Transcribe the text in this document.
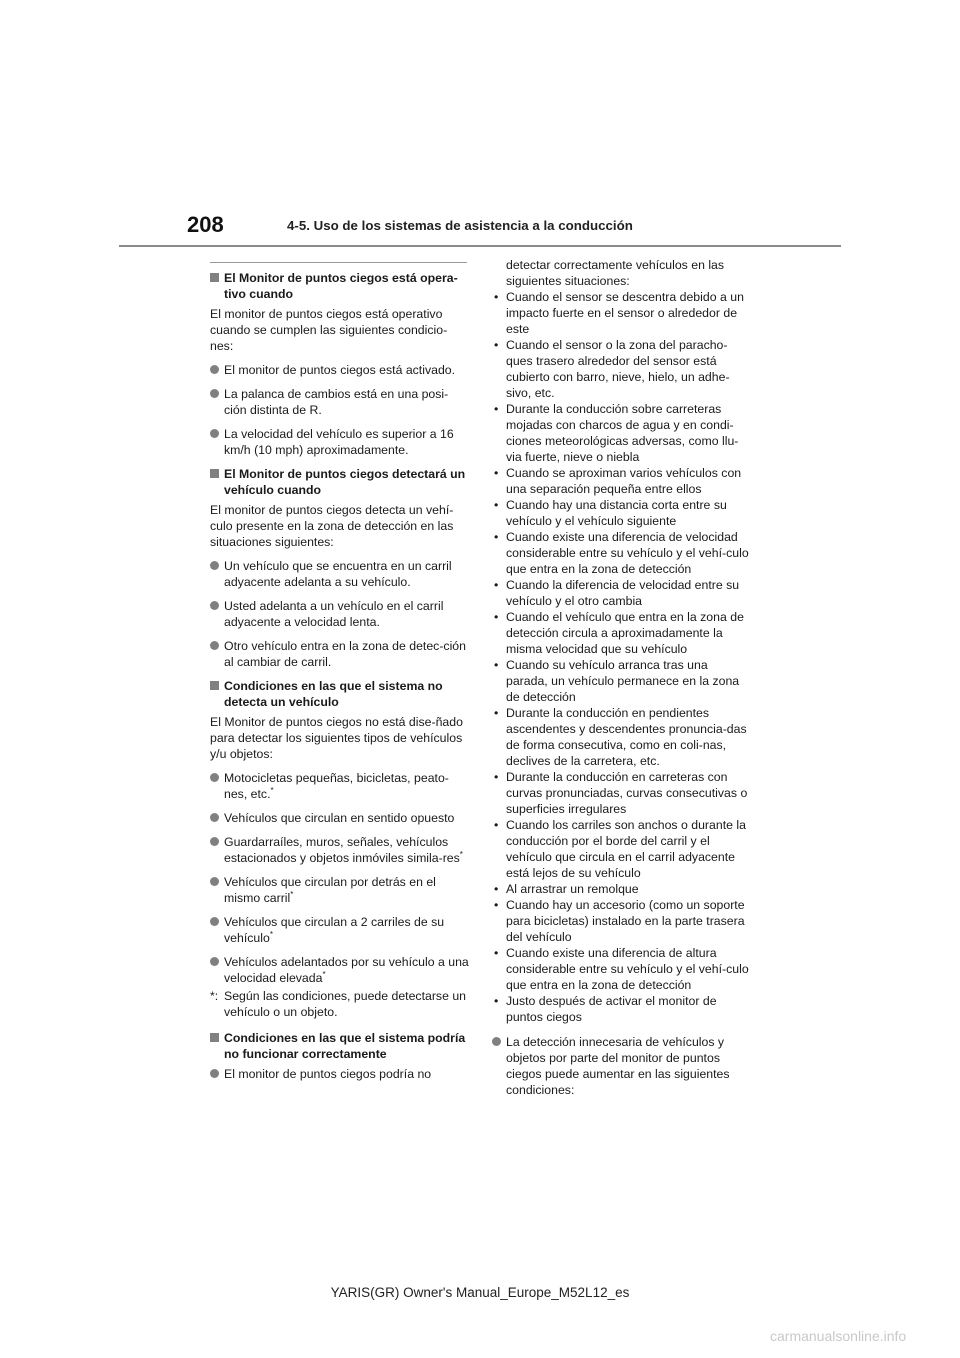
208	4-5. Uso de los sistemas de asistencia a la conducción
El Monitor de puntos ciegos está opera-tivo cuando
El monitor de puntos ciegos está operativo cuando se cumplen las siguientes condicio-nes:
El monitor de puntos ciegos está activado.
La palanca de cambios está en una posi-ción distinta de R.
La velocidad del vehículo es superior a 16 km/h (10 mph) aproximadamente.
El Monitor de puntos ciegos detectará un vehículo cuando
El monitor de puntos ciegos detecta un vehí-culo presente en la zona de detección en las situaciones siguientes:
Un vehículo que se encuentra en un carril adyacente adelanta a su vehículo.
Usted adelanta a un vehículo en el carril adyacente a velocidad lenta.
Otro vehículo entra en la zona de detec-ción al cambiar de carril.
Condiciones en las que el sistema no detecta un vehículo
El Monitor de puntos ciegos no está dise-ñado para detectar los siguientes tipos de vehículos y/u objetos:
Motocicletas pequeñas, bicicletas, peato-nes, etc.*
Vehículos que circulan en sentido opuesto
Guardarraíles, muros, señales, vehículos estacionados y objetos inmóviles simila-res*
Vehículos que circulan por detrás en el mismo carril*
Vehículos que circulan a 2 carriles de su vehículo*
Vehículos adelantados por su vehículo a una velocidad elevada*
*: Según las condiciones, puede detectarse un vehículo o un objeto.
Condiciones en las que el sistema podría no funcionar correctamente
El monitor de puntos ciegos podría no
detectar correctamente vehículos en las siguientes situaciones:
• Cuando el sensor se descentra debido a un impacto fuerte en el sensor o alrededor de este
• Cuando el sensor o la zona del paracho-ques trasero alrededor del sensor está cubierto con barro, nieve, hielo, un adhe-sivo, etc.
• Durante la conducción sobre carreteras mojadas con charcos de agua y en condi-ciones meteorológicas adversas, como llu-via fuerte, nieve o niebla
• Cuando se aproximan varios vehículos con una separación pequeña entre ellos
• Cuando hay una distancia corta entre su vehículo y el vehículo siguiente
• Cuando existe una diferencia de velocidad considerable entre su vehículo y el vehí-culo que entra en la zona de detección
• Cuando la diferencia de velocidad entre su vehículo y el otro cambia
• Cuando el vehículo que entra en la zona de detección circula a aproximadamente la misma velocidad que su vehículo
• Cuando su vehículo arranca tras una parada, un vehículo permanece en la zona de detección
• Durante la conducción en pendientes ascendentes y descendentes pronuncia-das de forma consecutiva, como en coli-nas, declives de la carretera, etc.
• Durante la conducción en carreteras con curvas pronunciadas, curvas consecutivas o superficies irregulares
• Cuando los carriles son anchos o durante la conducción por el borde del carril y el vehículo que circula en el carril adyacente está lejos de su vehículo
• Al arrastrar un remolque
• Cuando hay un accesorio (como un soporte para bicicletas) instalado en la parte trasera del vehículo
• Cuando existe una diferencia de altura considerable entre su vehículo y el vehí-culo que entra en la zona de detección
• Justo después de activar el monitor de puntos ciegos
La detección innecesaria de vehículos y objetos por parte del monitor de puntos ciegos puede aumentar en las siguientes condiciones:
YARIS(GR) Owner's Manual_Europe_M52L12_es
carmanualsonline.info
